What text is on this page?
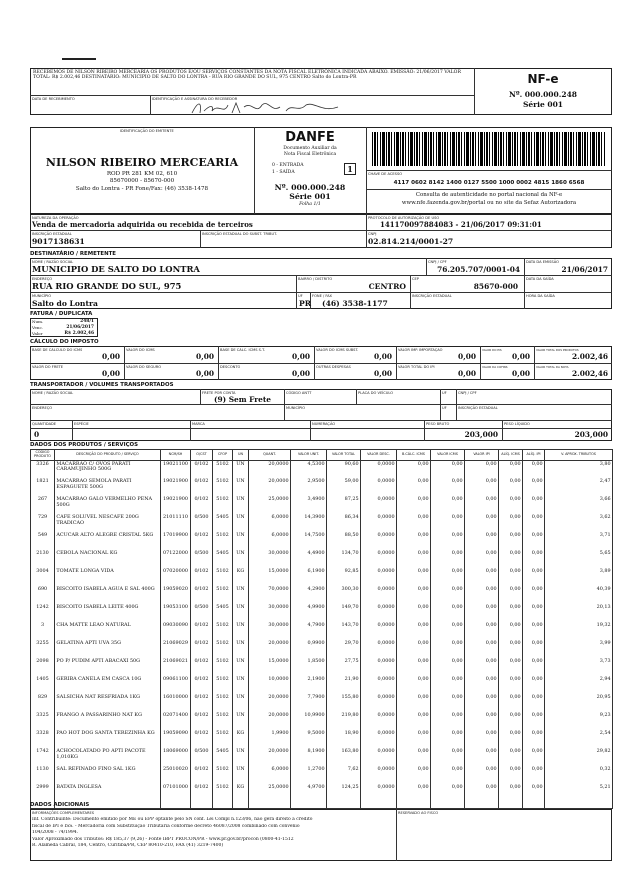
RECEBEMOS DE NILSON RIBEIRO MERCEARIA OS PRODUTOS E/OU SERVIÇOS CONSTANTES DA NOTA FISCAL ELETRÔNICA INDICADA ABAIXO. EMISSÃO: 21/06/2017 VALOR TOTAL: R$ 2.002,46 DESTINATÁRIO: MUNICIPIO DE SALTO DO LONTRA - RUA RIO GRANDE DO SUL, 975 CENTRO Salto do Lontra-PR
DATA DE RECEBIMENTO	IDENTIFICAÇÃO E ASSINATURA DO RECEBEDOR
NF-e
Nº. 000.000.248
Série 001
IDENTIFICAÇÃO DO EMITENTE
NILSON RIBEIRO MERCEARIA
ROD PR 281 KM 02, 610
85670000 - 85670-000
Salto do Lontra - PR Fone/Fax: (46) 3538-1478
DANFE
Documento Auxiliar da
Nota Fiscal Eletrônica
0 - ENTRADA
1 - SAÍDA	1
Nº. 000.000.248
Série 001
Folha 1/1
CHAVE DE ACESSO
4117 0602 8142 1400 0127 5500 1000 0002 4815 1860 6568
Consulta de autenticidade no portal nacional da NF-e
www.nfe.fazenda.gov.br/portal ou no site da Sefaz Autorizadora
NATUREZA DA OPERAÇÃO
Venda de mercadoria adquirida ou recebida de terceiros
PROTOCOLO DE AUTORIZAÇÃO DE USO
141170097884083 - 21/06/2017 09:31:01
INSCRIÇÃO ESTADUAL
9017138631
INSCRIÇÃO ESTADUAL DO SUBST. TRIBUT.	CNPJ
02.814.214/0001-27
DESTINATÁRIO / REMETENTE
NOME / RAZÃO SOCIAL
MUNICIPIO DE SALTO DO LONTRA
CNPJ / CPF
76.205.707/0001-04
DATA DA EMISSÃO
21/06/2017
ENDEREÇO
RUA RIO GRANDE DO SUL, 975
BAIRRO / DISTRITO
CENTRO
CEP
85670-000
DATA DA SAÍDA
MUNICÍPIO
Salto do Lontra
UF
PR
FONE / FAX
(46) 3538-1177
INSCRIÇÃO ESTADUAL	HORA DA SAÍDA
FATURA / DUPLICATA
Num.	248/1
Venc.	21/06/2017
Valor	R$ 2.002,46
CÁLCULO DO IMPOSTO
BASE DE CÁLCULO DO ICMS
0,00
VALOR DO ICMS
0,00
BASE DE CÁLC. ICMS S.T.
0,00
VALOR DO ICMS SUBST.
0,00
VALOR IMP. IMPORTAÇÃO
0,00
VALOR DO PIS
0,00
VALOR TOTAL DOS PRODUTOS
2.002,46
VALOR DO FRETE
0,00
VALOR DO SEGURO
0,00
DESCONTO
0,00
OUTRAS DESPESAS
0,00
VALOR TOTAL DO IPI
0,00
VALOR DA COFINS
0,00
VALOR TOTAL DA NOTA
2.002,46
TRANSPORTADOR / VOLUMES TRANSPORTADOS
NOME / RAZÃO SOCIAL	FRETE POR CONTA
(9) Sem Frete
CÓDIGO ANTT	PLACA DO VEÍCULO	UF	CNPJ / CPF
ENDEREÇO	MUNICÍPIO	UF	INSCRIÇÃO ESTADUAL
QUANTIDADE
0
ESPÉCIE	MARCA	NUMERAÇÃO	PESO BRUTO
203,000
PESO LÍQUIDO
203,000
DADOS DOS PRODUTOS / SERVIÇOS
CÓDIGO PRODUTO	DESCRIÇÃO DO PRODUTO / SERVIÇO	NCM/SH	O/CST	CFOP	UN	QUANT.	VALOR UNIT.	VALOR TOTAL	VALOR DESC.	B.CÁLC. ICMS	VALOR ICMS	VALOR IPI	ALÍQ. ICMS	ALÍQ. IPI	V. APROX. TRIBUTOS
3326	MACARRAO C/ OVOS PARATI CARAMUJINHO 500G	19021100	0/102	5102	UN	20,0000	4,5300	90,60	0,0000	0,00	0,00	0,00	0,00	0,00	3,80
1821	MACARRAO SEMOLA PARATI ESPAGUETE 500G	19021900	0/102	5102	UN	20,0000	2,9500	59,00	0,0000	0,00	0,00	0,00	0,00	0,00	2,47
267	MACARRAO GALO VERMELHO PENA 500G	19021900	0/102	5102	UN	25,0000	3,4900	87,25	0,0000	0,00	0,00	0,00	0,00	0,00	3,66
729	CAFE SOLUVEL NESCAFE 200G TRADICAO	21011110	0/500	5405	UN	6,0000	14,3900	86,34	0,0000	0,00	0,00	0,00	0,00	0,00	3,62
549	ACUCAR ALTO ALEGRE CRISTAL 5KG	17019900	0/102	5102	UN	6,0000	14,7500	88,50	0,0000	0,00	0,00	0,00	0,00	0,00	3,71
2130	CEBOLA NACIONAL KG	07122000	0/500	5405	UN	30,0000	4,4900	134,70	0,0000	0,00	0,00	0,00	0,00	0,00	5,65
3004	TOMATE LONGA VIDA	07020000	0/102	5102	KG	15,0000	6,1900	92,85	0,0000	0,00	0,00	0,00	0,00	0,00	3,89
690	BISCOITO ISABELA AGUA E SAL 400G	19059020	0/102	5102	UN	70,0000	4,2900	300,30	0,0000	0,00	0,00	0,00	0,00	0,00	40,39
1242	BISCOITO ISABELA LEITE 400G	19053100	0/500	5405	UN	30,0000	4,9900	149,70	0,0000	0,00	0,00	0,00	0,00	0,00	20,13
3	CHA MATTE LEAO NATURAL	09030090	0/102	5102	UN	30,0000	4,7900	143,70	0,0000	0,00	0,00	0,00	0,00	0,00	19,32
3255	GELATINA APTI UVA 35G	21069029	0/102	5102	UN	20,0000	0,9900	29,70	0,0000	0,00	0,00	0,00	0,00	0,00	3,99
2098	PO P/ PUDIM APTI ABACAXI 50G	21069021	0/102	5102	UN	15,0000	1,8500	27,75	0,0000	0,00	0,00	0,00	0,00	0,00	3,73
1405	GERIBA CANELA EM CASCA 10G	09061100	0/102	5102	UN	10,0000	2,1900	21,90	0,0000	0,00	0,00	0,00	0,00	0,00	2,94
829	SALSICHA NAT RESFRIADA 1KG	16010000	0/102	5102	UN	20,0000	7,7900	155,80	0,0000	0,00	0,00	0,00	0,00	0,00	20,95
3325	FRANGO A PASSARINHO NAT KG	02071400	0/102	5102	UN	20,0000	10,9900	219,80	0,0000	0,00	0,00	0,00	0,00	0,00	9,23
3328	PAO HOT DOG SANTA TEREZINHA KG	19059090	0/102	5102	KG	1,9900	9,5000	18,90	0,0000	0,00	0,00	0,00	0,00	0,00	2,54
1742	ACHOCOLATADO PO APTI PACOTE 1,010KG	18069000	0/500	5405	UN	20,0000	8,1900	163,80	0,0000	0,00	0,00	0,00	0,00	0,00	29,82
1130	SAL REFINADO FINO SAL 1KG	25010020	0/102	5102	UN	6,0000	1,2700	7,62	0,0000	0,00	0,00	0,00	0,00	0,00	0,32
2999	BATATA INGLESA	07101000	0/102	5102	KG	25,0000	4,9700	124,25	0,0000	0,00	0,00	0,00	0,00	0,00	5,21

DADOS ADICIONAIS
INFORMAÇÕES COMPLEMENTARES	RESERVADO AO FISCO
Inf. Contribuinte: Documento emitido por ME ou EPP optante pelo SN conf. Lei Compl n.123/06, não gera direito a crédito
fiscal de IPI e ISS. - Mercadoria com Substituição Tributária conforme decreto 46087/2008 combinado com convênio
104/2008 - 74/1994.
Valor Aproximado dos Tributos: R$ 185,37 (9,26) - Fonte IBPT PROCON/PR - www.pr.gov.br/procon (0800-41-1512
R. Alameda Cabral, 184, Centro, Curitiba/PR, CEP 80410-210, FAX (41) 3219-7400)
